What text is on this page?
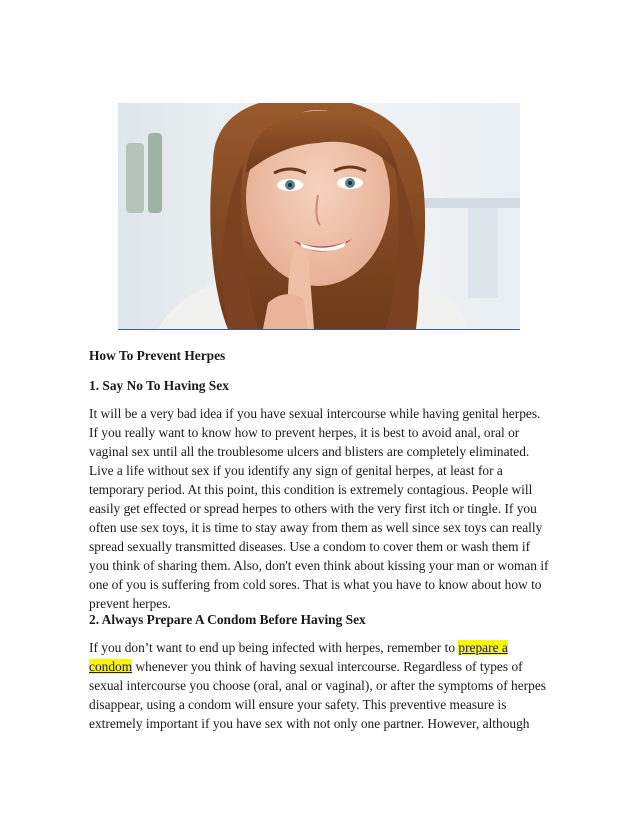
How To Prevent Herpes

1. Say No To Having Sex

It will be a very bad idea if you have sexual intercourse while having genital herpes. If you really want to know how to prevent herpes, it is best to avoid anal, oral or vaginal sex until all the troublesome ulcers and blisters are completely eliminated. Live a life without sex if you identify any sign of genital herpes, at least for a temporary period. At this point, this condition is extremely contagious. People will easily get effected or spread herpes to others with the very first itch or tingle. If you often use sex toys, it is time to stay away from them as well since sex toys can really spread sexually transmitted diseases. Use a condom to cover them or wash them if you think of sharing them. Also, don't even think about kissing your man or woman if one of you is suffering from cold sores. That is what you have to know about how to prevent herpes.

2. Always Prepare A Condom Before Having Sex

If you don’t want to end up being infected with herpes, remember to prepare a condom whenever you think of having sexual intercourse. Regardless of types of sexual intercourse you choose (oral, anal or vaginal), or after the symptoms of herpes disappear, using a condom will ensure your safety. This preventive measure is extremely important if you have sex with not only one partner. However, although
